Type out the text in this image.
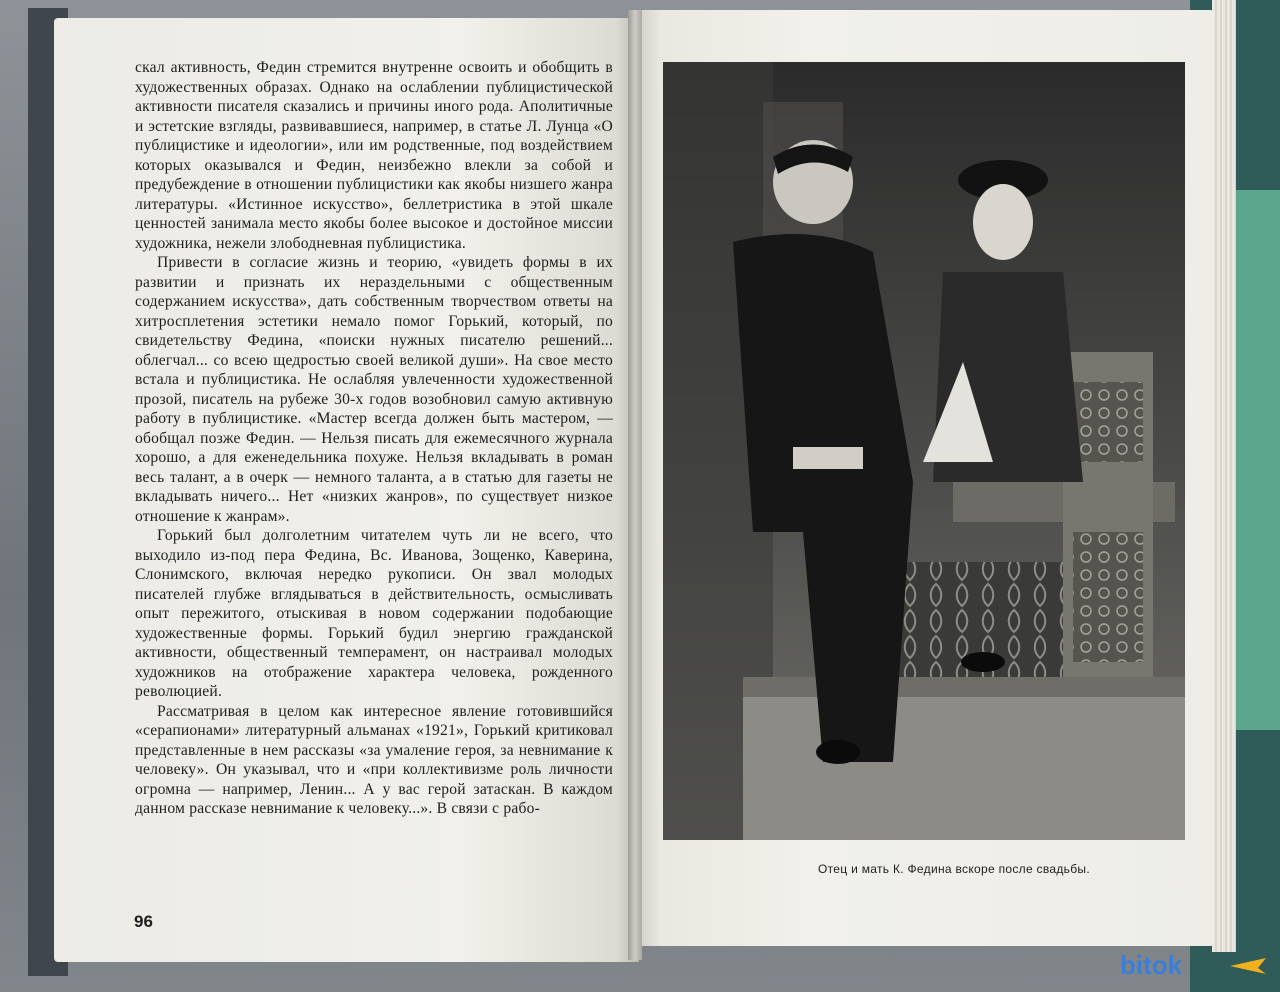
скал активность, Федин стремится внутренне освоить и обобщить в художественных образах. Однако на ослаблении публицистической активности писателя сказались и причины иного рода. Аполитичные и эстетские взгляды, развивавшиеся, например, в статье Л. Лунца «О публицистике и идеологии», или им родственные, под воздействием которых оказывался и Федин, неизбежно влекли за собой и предубеждение в отношении публицистики как якобы низшего жанра литературы. «Истинное искусство», беллетристика в этой шкале ценностей занимала место якобы более высокое и достойное миссии художника, нежели злободневная публицистика.

Привести в согласие жизнь и теорию, «увидеть формы в их развитии и признать их нераздельными с общественным содержанием искусства», дать собственным творчеством ответы на хитросплетения эстетики немало помог Горький, который, по свидетельству Федина, «поиски нужных писателю решений... облегчал... со всею щедростью своей великой души». На свое место встала и публицистика. Не ослабляя увлеченности художественной прозой, писатель на рубеже 30-х годов возобновил самую активную работу в публицистике. «Мастер всегда должен быть мастером, — обобщал позже Федин. — Нельзя писать для ежемесячного журнала хорошо, а для еженедельника похуже. Нельзя вкладывать в роман весь талант, а в очерк — немного таланта, а в статью для газеты не вкладывать ничего... Нет «низких жанров», по существует низкое отношение к жанрам».

Горький был долголетним читателем чуть ли не всего, что выходило из-под пера Федина, Вс. Иванова, Зощенко, Каверина, Слонимского, включая нередко рукописи. Он звал молодых писателей глубже вглядываться в действительность, осмысливать опыт пережитого, отыскивая в новом содержании подобающие художественные формы. Горький будил энергию гражданской активности, общественный темперамент, он настраивал молодых художников на отображение характера человека, рожденного революцией.

Рассматривая в целом как интересное явление готовившийся «серапионами» литературный альманах «1921», Горький критиковал представленные в нем рассказы «за умаление героя, за невнимание к человеку». Он указывал, что и «при коллективизме роль личности огромна — например, Ленин... А у вас герой затаскан. В каждом данном рассказе невнимание к человеку...». В связи с рабо-

96
Отец и мать К. Федина вскоре после свадьбы.
bitok
